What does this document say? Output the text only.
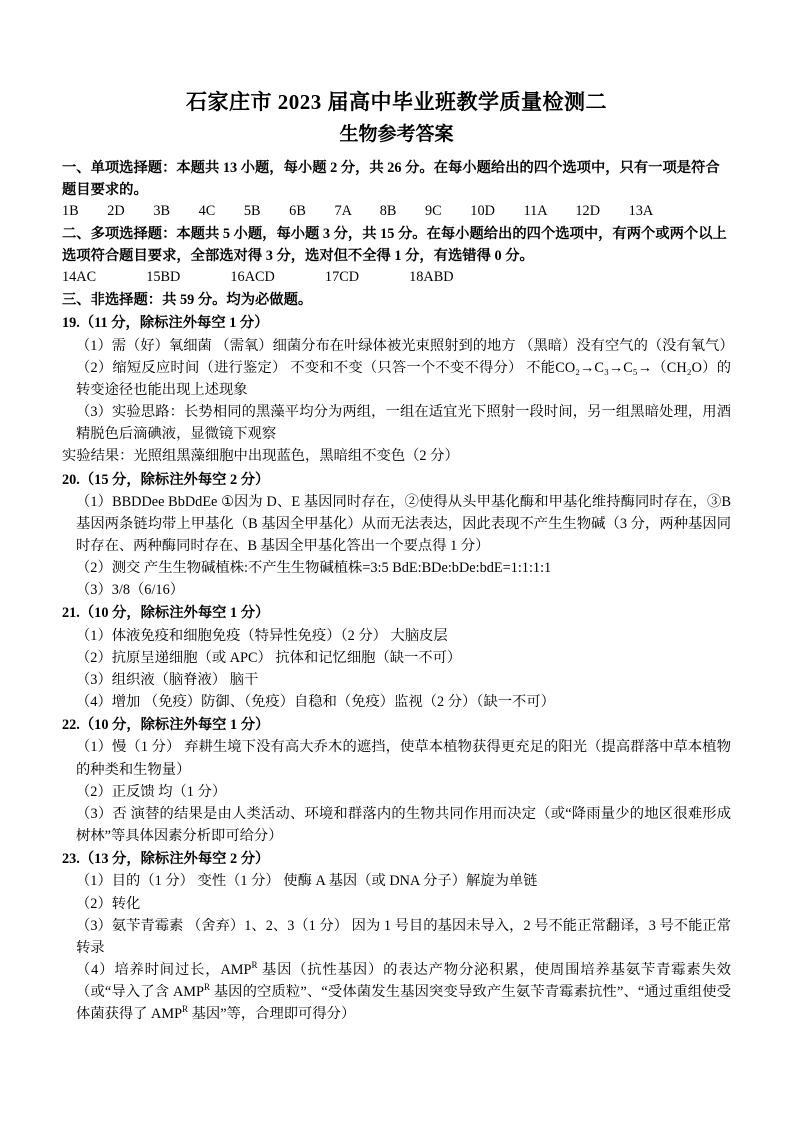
石家庄市 2023 届高中毕业班教学质量检测二
生物参考答案
一、单项选择题：本题共 13 小题，每小题 2 分，共 26 分。在每小题给出的四个选项中，只有一项是符合题目要求的。
1B        2D        3B        4C        5B        6B        7A        8B        9C        10D        11A        12D        13A
二、多项选择题：本题共 5 小题，每小题 3 分，共 15 分。在每小题给出的四个选项中，有两个或两个以上选项符合题目要求，全部选对得 3 分，选对但不全得 1 分，有选错得 0 分。
14AC              15BD              16ACD              17CD              18ABD
三、非选择题：共 59 分。均为必做题。
19.（11 分，除标注外每空 1 分）
（1）需（好）氧细菌 （需氧）细菌分布在叶绿体被光束照射到的地方 （黑暗）没有空气的（没有氧气）
（2）缩短反应时间（进行鉴定） 不变和不变（只答一个不变不得分） 不能CO₂→C₃→C₅→（CH₂O）的转变途径也能出现上述现象
（3）实验思路：长势相同的黑藻平均分为两组，一组在适宜光下照射一段时间，另一组黑暗处理，用酒精脱色后滴碘液，显微镜下观察
实验结果：光照组黑藻细胞中出现蓝色，黑暗组不变色（2 分）
20.（15 分，除标注外每空 2 分）
（1）BBDDee BbDdEe ①因为 D、E 基因同时存在，②使得从头甲基化酶和甲基化维持酶同时存在，③B 基因两条链均带上甲基化（B 基因全甲基化）从而无法表达，因此表现不产生生物碱（3 分，两种基因同时存在、两种酶同时存在、B 基因全甲基化答出一个要点得 1 分）
（2）测交 产生生物碱植株:不产生生物碱植株=3:5 BdE:BDe:bDe:bdE=1:1:1:1
（3）3/8（6/16）
21.（10 分，除标注外每空 1 分）
（1）体液免疫和细胞免疫（特异性免疫）（2 分） 大脑皮层
（2）抗原呈递细胞（或 APC） 抗体和记忆细胞（缺一不可）
（3）组织液（脑脊液） 脑干
（4）增加 （免疫）防御、（免疫）自稳和（免疫）监视（2 分）（缺一不可）
22.（10 分，除标注外每空 1 分）
（1）慢（1 分） 弃耕生境下没有高大乔木的遮挡，使草本植物获得更充足的阳光（提高群落中草本植物的种类和生物量）
（2）正反馈 均（1 分）
（3）否 演替的结果是由人类活动、环境和群落内的生物共同作用而决定（或“降雨量少的地区很难形成树林”等具体因素分析即可给分）
23.（13 分，除标注外每空 2 分）
（1）目的（1 分） 变性（1 分） 使酶 A 基因（或 DNA 分子）解旋为单链
（2）转化
（3）氨苄青霉素 （舍弃）1、2、3（1 分） 因为 1 号目的基因未导入，2 号不能正常翻译，3 号不能正常转录
（4）培养时间过长，$AMP^R$ 基因（抗性基因）的表达产物分泌积累，使周围培养基氨苄青霉素失效（或“导入了含 $AMP^R$ 基因的空质粒”、“受体菌发生基因突变导致产生氨苄青霉素抗性”、“通过重组使受体菌获得了 $AMP^R$ 基因”等，合理即可得分）
